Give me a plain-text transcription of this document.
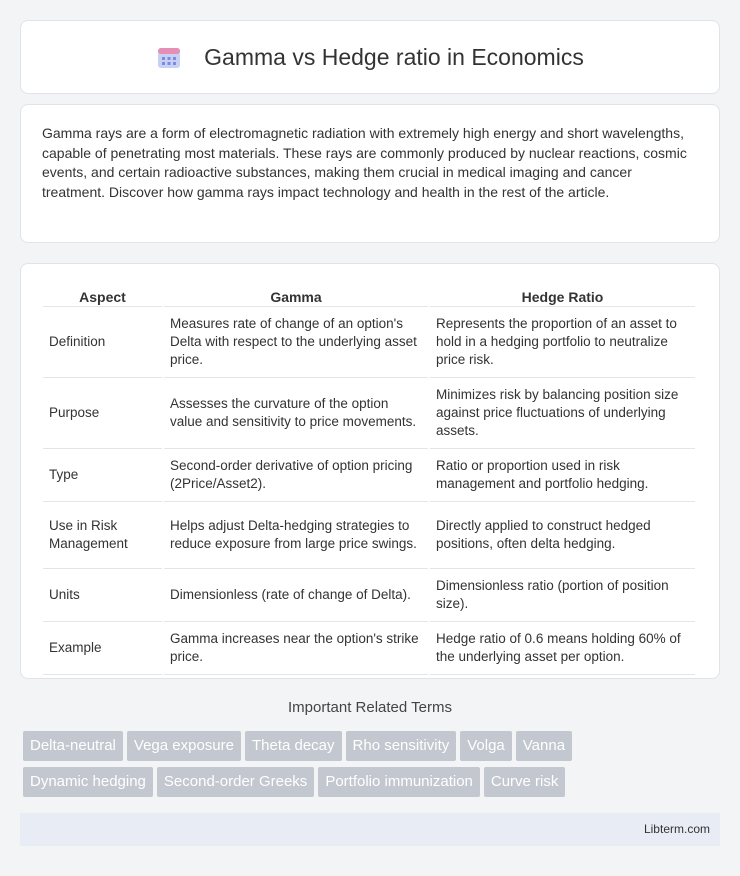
Gamma vs Hedge ratio in Economics

Gamma rays are a form of electromagnetic radiation with extremely high energy and short wavelengths, capable of penetrating most materials. These rays are commonly produced by nuclear reactions, cosmic events, and certain radioactive substances, making them crucial in medical imaging and cancer treatment. Discover how gamma rays impact technology and health in the rest of the article.

Aspect	Gamma	Hedge Ratio
Definition	Measures rate of change of an option's Delta with respect to the underlying asset price.	Represents the proportion of an asset to hold in a hedging portfolio to neutralize price risk.
Purpose	Assesses the curvature of the option value and sensitivity to price movements.	Minimizes risk by balancing position size against price fluctuations of underlying assets.
Type	Second-order derivative of option pricing (2Price/Asset2).	Ratio or proportion used in risk management and portfolio hedging.
Use in Risk Management	Helps adjust Delta-hedging strategies to reduce exposure from large price swings.	Directly applied to construct hedged positions, often delta hedging.
Units	Dimensionless (rate of change of Delta).	Dimensionless ratio (portion of position size).
Example	Gamma increases near the option's strike price.	Hedge ratio of 0.6 means holding 60% of the underlying asset per option.
Important Related Terms
Delta-neutral Vega exposure Theta decay Rho sensitivity Volga Vanna
Dynamic hedging Second-order Greeks Portfolio immunization Curve risk
Libterm.com
